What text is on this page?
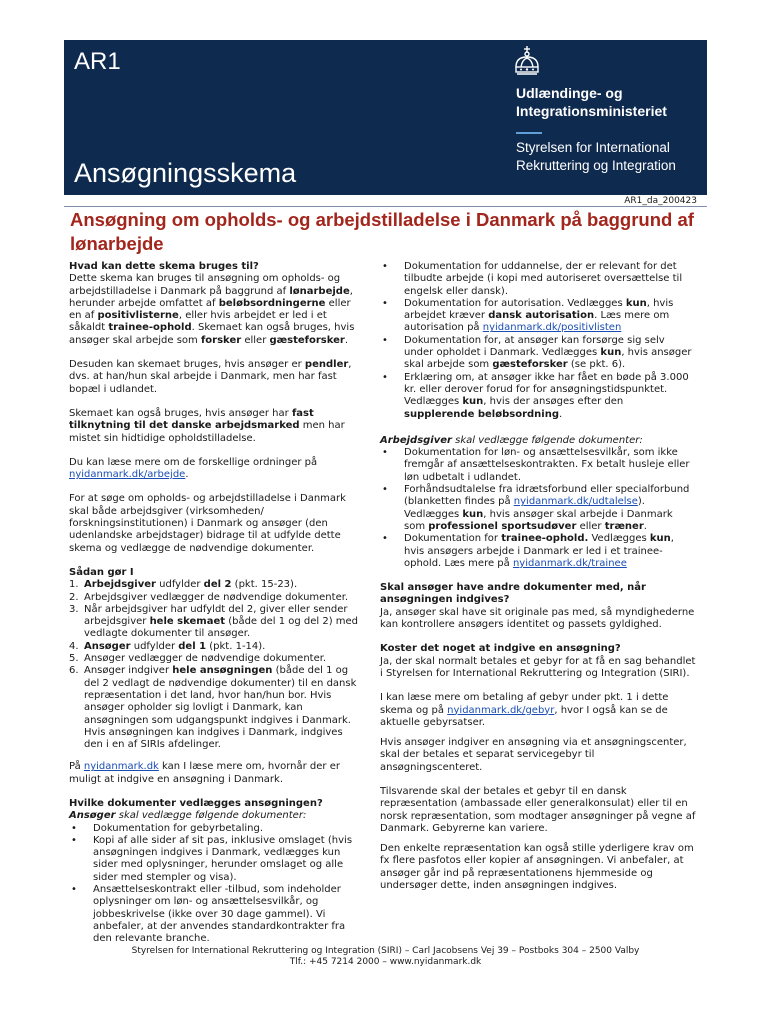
AR1
Ansøgningsskema
Udlændinge- og Integrationsministeriet
Styrelsen for International Rekruttering og Integration
AR1_da_200423
Ansøgning om opholds- og arbejdstilladelse i Danmark på baggrund af lønarbejde
Hvad kan dette skema bruges til?

Dette skema kan bruges til ansøgning om opholds- og arbejdstilladelse i Danmark på baggrund af lønarbejde, herunder arbejde omfattet af beløbsordningerne eller en af positivlisterne, eller hvis arbejdet er led i et såkaldt trainee-ophold. Skemaet kan også bruges, hvis ansøger skal arbejde som forsker eller gæsteforsker.

Desuden kan skemaet bruges, hvis ansøger er pendler, dvs. at han/hun skal arbejde i Danmark, men har fast bopæl i udlandet.

Skemaet kan også bruges, hvis ansøger har fast tilknytning til det danske arbejdsmarked men har mistet sin hidtidige opholdstilladelse.

Du kan læse mere om de forskellige ordninger på nyidanmark.dk/arbejde.

For at søge om opholds- og arbejdstilladelse i Danmark skal både arbejdsgiver (virksomheden/ forskningsinstitutionen) i Danmark og ansøger (den udenlandske arbejdstager) bidrage til at udfylde dette skema og vedlægge de nødvendige dokumenter.

Sådan gør I
1. Arbejdsgiver udfylder del 2 (pkt. 15-23).
2. Arbejdsgiver vedlægger de nødvendige dokumenter.
3. Når arbejdsgiver har udfyldt del 2, giver eller sender arbejdsgiver hele skemaet (både del 1 og del 2) med vedlagte dokumenter til ansøger.
4. Ansøger udfylder del 1 (pkt. 1-14).
5. Ansøger vedlægger de nødvendige dokumenter.
6. Ansøger indgiver hele ansøgningen (både del 1 og del 2 vedlagt de nødvendige dokumenter) til en dansk repræsentation i det land, hvor han/hun bor. Hvis ansøger opholder sig lovligt i Danmark, kan ansøgningen som udgangspunkt indgives i Danmark. Hvis ansøgningen kan indgives i Danmark, indgives den i en af SIRIs afdelinger.

På nyidanmark.dk kan I læse mere om, hvornår der er muligt at indgive en ansøgning i Danmark.

Hvilke dokumenter vedlægges ansøgningen?
Ansøger skal vedlægge følgende dokumenter:
• Dokumentation for gebyrbetaling.
• Kopi af alle sider af sit pas, inklusive omslaget (hvis ansøgningen indgives i Danmark, vedlægges kun sider med oplysninger, herunder omslaget og alle sider med stempler og visa).
• Ansættelseskontrakt eller -tilbud, som indeholder oplysninger om løn- og ansættelsesvilkår, og jobbeskrivelse (ikke over 30 dage gammel). Vi anbefaler, at der anvendes standardkontrakter fra den relevante branche.
• Dokumentation for uddannelse, der er relevant for det tilbudte arbejde (i kopi med autoriseret oversættelse til engelsk eller dansk).
• Dokumentation for autorisation. Vedlægges kun, hvis arbejdet kræver dansk autorisation. Læs mere om autorisation på nyidanmark.dk/positivlisten
• Dokumentation for, at ansøger kan forsørge sig selv under opholdet i Danmark. Vedlægges kun, hvis ansøger skal arbejde som gæsteforsker (se pkt. 6).
• Erklæring om, at ansøger ikke har fået en bøde på 3.000 kr. eller derover forud for for ansøgningstidspunktet. Vedlægges kun, hvis der ansøges efter den supplerende beløbsordning.
Arbejdsgiver skal vedlægge følgende dokumenter:
• Dokumentation for løn- og ansættelsesvilkår, som ikke fremgår af ansættelseskontrakten. Fx betalt husleje eller løn udbetalt i udlandet.
• Forhåndsudtalelse fra idrætsforbund eller specialforbund (blanketten findes på nyidanmark.dk/udtalelse). Vedlægges kun, hvis ansøger skal arbejde i Danmark som professionel sportsudøver eller træner.
• Dokumentation for trainee-ophold. Vedlægges kun, hvis ansøgers arbejde i Danmark er led i et trainee-ophold. Læs mere på nyidanmark.dk/trainee
Skal ansøger have andre dokumenter med, når ansøgningen indgives?

Ja, ansøger skal have sit originale pas med, så myndighederne kan kontrollere ansøgers identitet og passets gyldighed.

Koster det noget at indgive en ansøgning?

Ja, der skal normalt betales et gebyr for at få en sag behandlet i Styrelsen for International Rekruttering og Integration (SIRI).

I kan læse mere om betaling af gebyr under pkt. 1 i dette skema og på nyidanmark.dk/gebyr, hvor I også kan se de aktuelle gebyrsatser.

Hvis ansøger indgiver en ansøgning via et ansøgningscenter, skal der betales et separat servicegebyr til ansøgningscenteret.

Tilsvarende skal der betales et gebyr til en dansk repræsentation (ambassade eller generalkonsulat) eller til en norsk repræsentation, som modtager ansøgninger på vegne af Danmark. Gebyrerne kan variere.

Den enkelte repræsentation kan også stille yderligere krav om fx flere pasfotos eller kopier af ansøgningen. Vi anbefaler, at ansøger går ind på repræsentationens hjemmeside og undersøger dette, inden ansøgningen indgives.

Styrelsen for International Rekruttering og Integration (SIRI) – Carl Jacobsens Vej 39 – Postboks 304 – 2500 Valby
Tlf.: +45 7214 2000 – www.nyidanmark.dk
